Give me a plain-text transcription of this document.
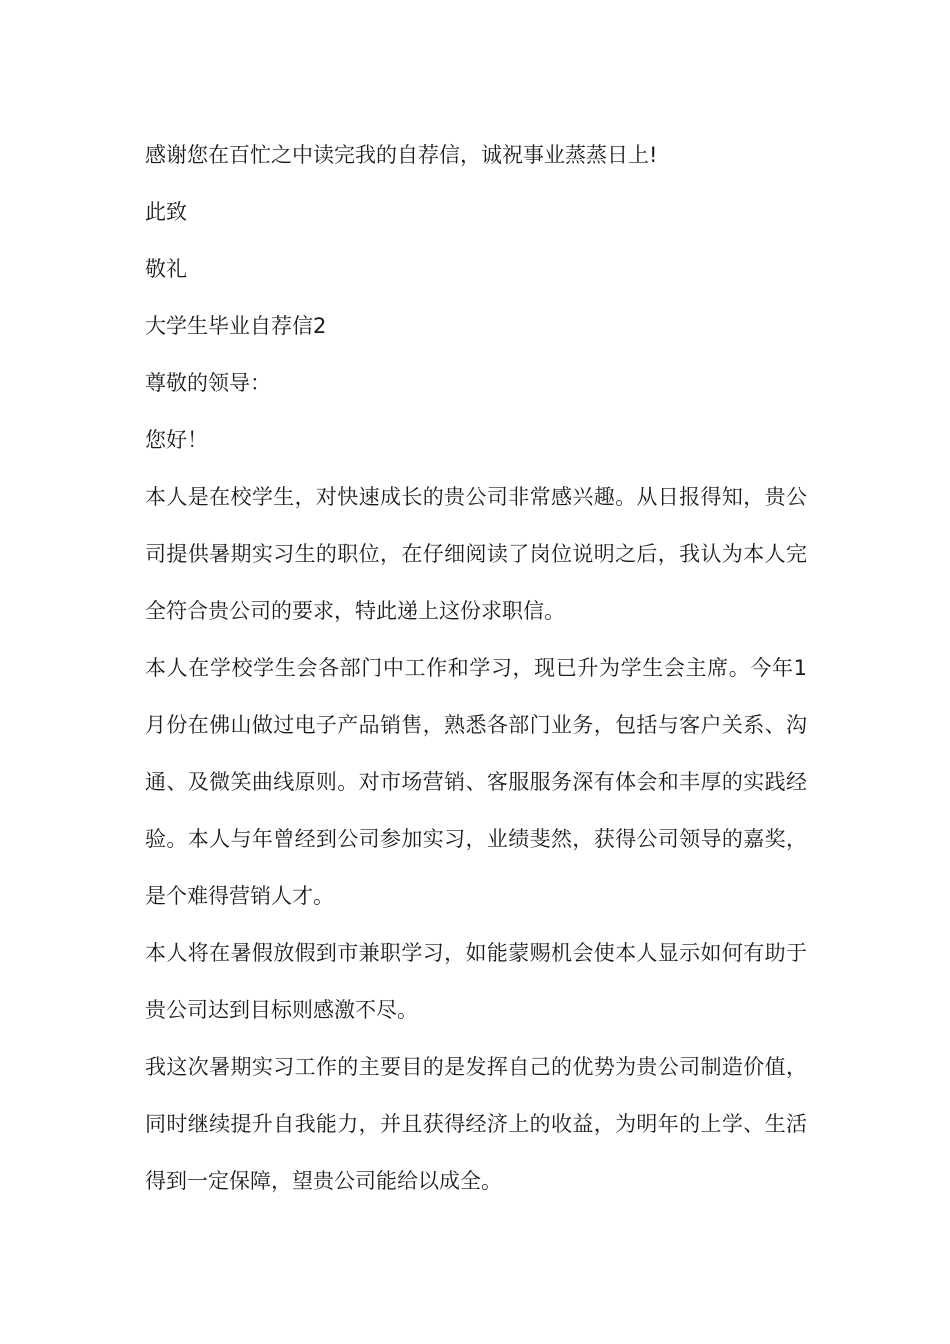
感谢您在百忙之中读完我的自荐信，诚祝事业蒸蒸日上!

此致

敬礼

大学生毕业自荐信2

尊敬的领导：

您好！

本人是在校学生，对快速成长的贵公司非常感兴趣。从日报得知，贵公司提供暑期实习生的职位，在仔细阅读了岗位说明之后，我认为本人完全符合贵公司的要求，特此递上这份求职信。

本人在学校学生会各部门中工作和学习，现已升为学生会主席。今年1月份在佛山做过电子产品销售，熟悉各部门业务，包括与客户关系、沟通、及微笑曲线原则。对市场营销、客服服务深有体会和丰厚的实践经验。本人与年曾经到公司参加实习，业绩斐然，获得公司领导的嘉奖，是个难得营销人才。

本人将在暑假放假到市兼职学习，如能蒙赐机会使本人显示如何有助于贵公司达到目标则感激不尽。

我这次暑期实习工作的主要目的是发挥自己的优势为贵公司制造价值，同时继续提升自我能力，并且获得经济上的收益，为明年的上学、生活得到一定保障，望贵公司能给以成全。
